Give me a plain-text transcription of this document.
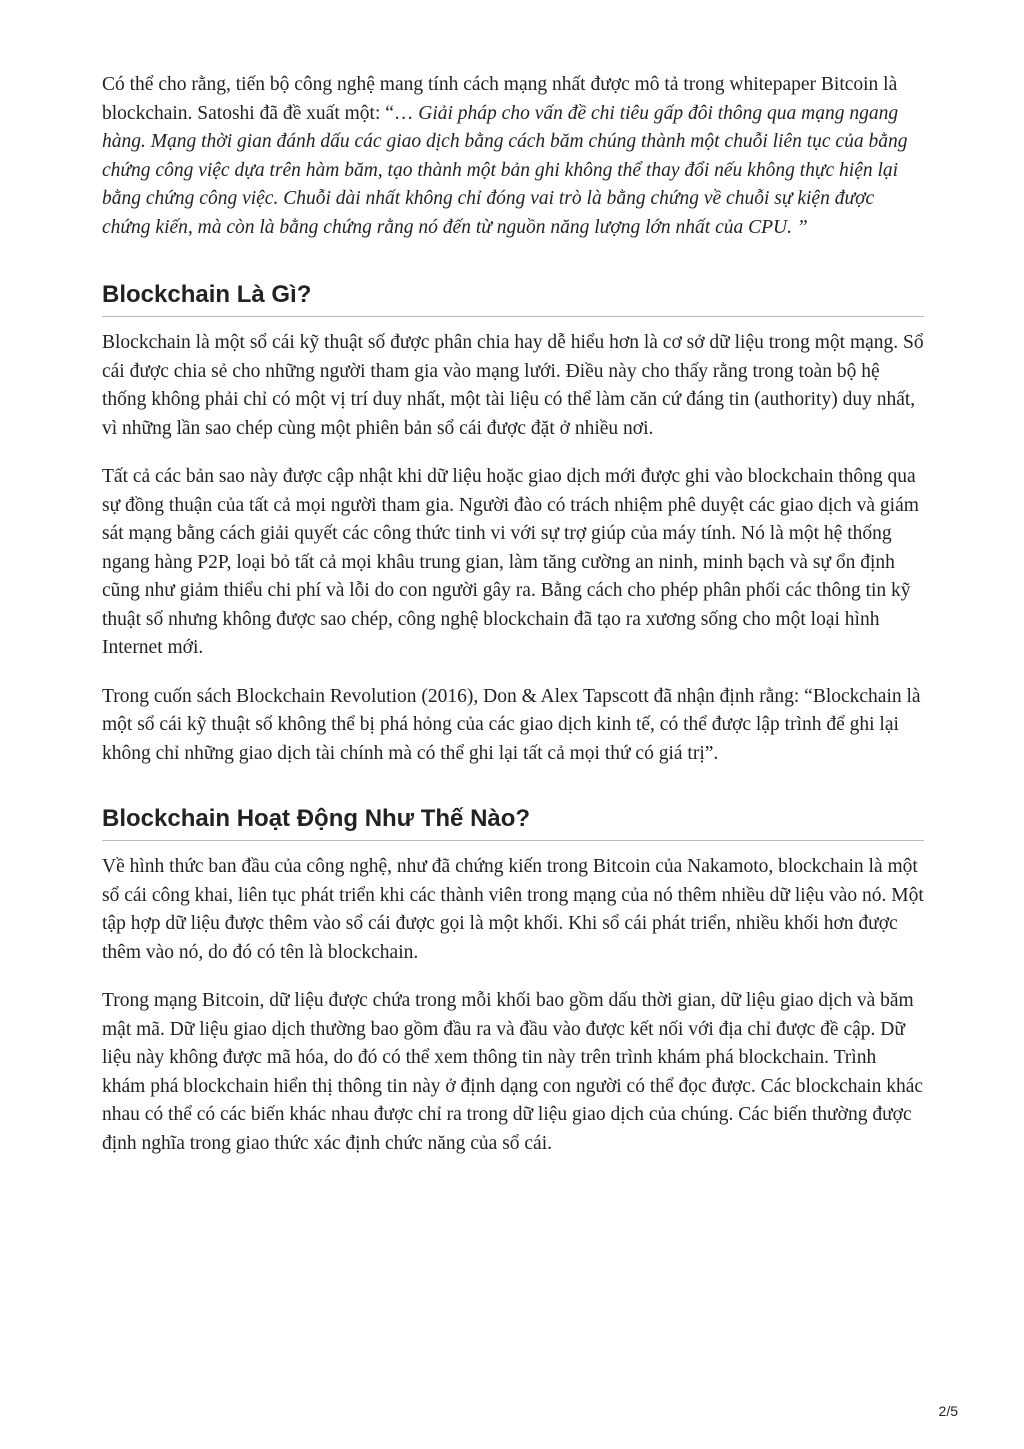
Có thể cho rằng, tiến bộ công nghệ mang tính cách mạng nhất được mô tả trong whitepaper Bitcoin là blockchain. Satoshi đã đề xuất một: “… Giải pháp cho vấn đề chi tiêu gấp đôi thông qua mạng ngang hàng. Mạng thời gian đánh dấu các giao dịch bằng cách băm chúng thành một chuỗi liên tục của bằng chứng công việc dựa trên hàm băm, tạo thành một bản ghi không thể thay đổi nếu không thực hiện lại bằng chứng công việc. Chuỗi dài nhất không chỉ đóng vai trò là bằng chứng về chuỗi sự kiện được chứng kiến, mà còn là bằng chứng rằng nó đến từ nguồn năng lượng lớn nhất của CPU. ”

Blockchain Là Gì?

Blockchain là một sổ cái kỹ thuật số được phân chia hay dễ hiểu hơn là cơ sở dữ liệu trong một mạng. Sổ cái được chia sẻ cho những người tham gia vào mạng lưới. Điều này cho thấy rằng trong toàn bộ hệ thống không phải chỉ có một vị trí duy nhất, một tài liệu có thể làm căn cứ đáng tin (authority) duy nhất, vì những lần sao chép cùng một phiên bản sổ cái được đặt ở nhiều nơi.

Tất cả các bản sao này được cập nhật khi dữ liệu hoặc giao dịch mới được ghi vào blockchain thông qua sự đồng thuận của tất cả mọi người tham gia. Người đào có trách nhiệm phê duyệt các giao dịch và giám sát mạng bằng cách giải quyết các công thức tinh vi với sự trợ giúp của máy tính. Nó là một hệ thống ngang hàng P2P, loại bỏ tất cả mọi khâu trung gian, làm tăng cường an ninh, minh bạch và sự ổn định cũng như giảm thiểu chi phí và lỗi do con người gây ra. Bằng cách cho phép phân phối các thông tin kỹ thuật số nhưng không được sao chép, công nghệ blockchain đã tạo ra xương sống cho một loại hình Internet mới.

Trong cuốn sách Blockchain Revolution (2016), Don & Alex Tapscott đã nhận định rằng: “Blockchain là một sổ cái kỹ thuật số không thể bị phá hỏng của các giao dịch kinh tế, có thể được lập trình để ghi lại không chỉ những giao dịch tài chính mà có thể ghi lại tất cả mọi thứ có giá trị”.

Blockchain Hoạt Động Như Thế Nào?

Về hình thức ban đầu của công nghệ, như đã chứng kiến trong Bitcoin của Nakamoto, blockchain là một sổ cái công khai, liên tục phát triển khi các thành viên trong mạng của nó thêm nhiều dữ liệu vào nó. Một tập hợp dữ liệu được thêm vào sổ cái được gọi là một khối. Khi sổ cái phát triển, nhiều khối hơn được thêm vào nó, do đó có tên là blockchain.

Trong mạng Bitcoin, dữ liệu được chứa trong mỗi khối bao gồm dấu thời gian, dữ liệu giao dịch và băm mật mã. Dữ liệu giao dịch thường bao gồm đầu ra và đầu vào được kết nối với địa chỉ được đề cập. Dữ liệu này không được mã hóa, do đó có thể xem thông tin này trên trình khám phá blockchain. Trình khám phá blockchain hiển thị thông tin này ở định dạng con người có thể đọc được. Các blockchain khác nhau có thể có các biến khác nhau được chỉ ra trong dữ liệu giao dịch của chúng. Các biến thường được định nghĩa trong giao thức xác định chức năng của sổ cái.

2/5
